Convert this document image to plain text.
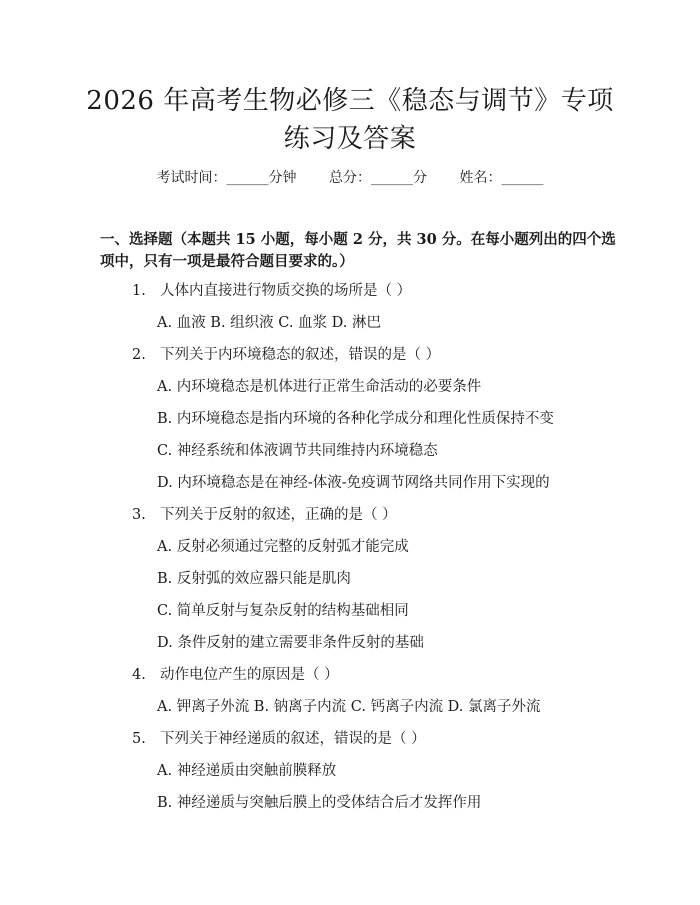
2026 年高考生物必修三《稳态与调节》专项
练习及答案
考试时间：______分钟 总分：______分 姓名：______
一、选择题（本题共 15 小题，每小题 2 分，共 30 分。在每小题列出的四个选项中，只有一项是最符合题目要求的。）
1. 人体内直接进行物质交换的场所是（ ）
A. 血液 B. 组织液 C. 血浆 D. 淋巴
2. 下列关于内环境稳态的叙述，错误的是（ ）
A. 内环境稳态是机体进行正常生命活动的必要条件
B. 内环境稳态是指内环境的各种化学成分和理化性质保持不变
C. 神经系统和体液调节共同维持内环境稳态
D. 内环境稳态是在神经-体液-免疫调节网络共同作用下实现的
3. 下列关于反射的叙述，正确的是（ ）
A. 反射必须通过完整的反射弧才能完成
B. 反射弧的效应器只能是肌肉
C. 简单反射与复杂反射的结构基础相同
D. 条件反射的建立需要非条件反射的基础
4. 动作电位产生的原因是（ ）
A. 钾离子外流 B. 钠离子内流 C. 钙离子内流 D. 氯离子外流
5. 下列关于神经递质的叙述，错误的是（ ）
A. 神经递质由突触前膜释放
B. 神经递质与突触后膜上的受体结合后才发挥作用
